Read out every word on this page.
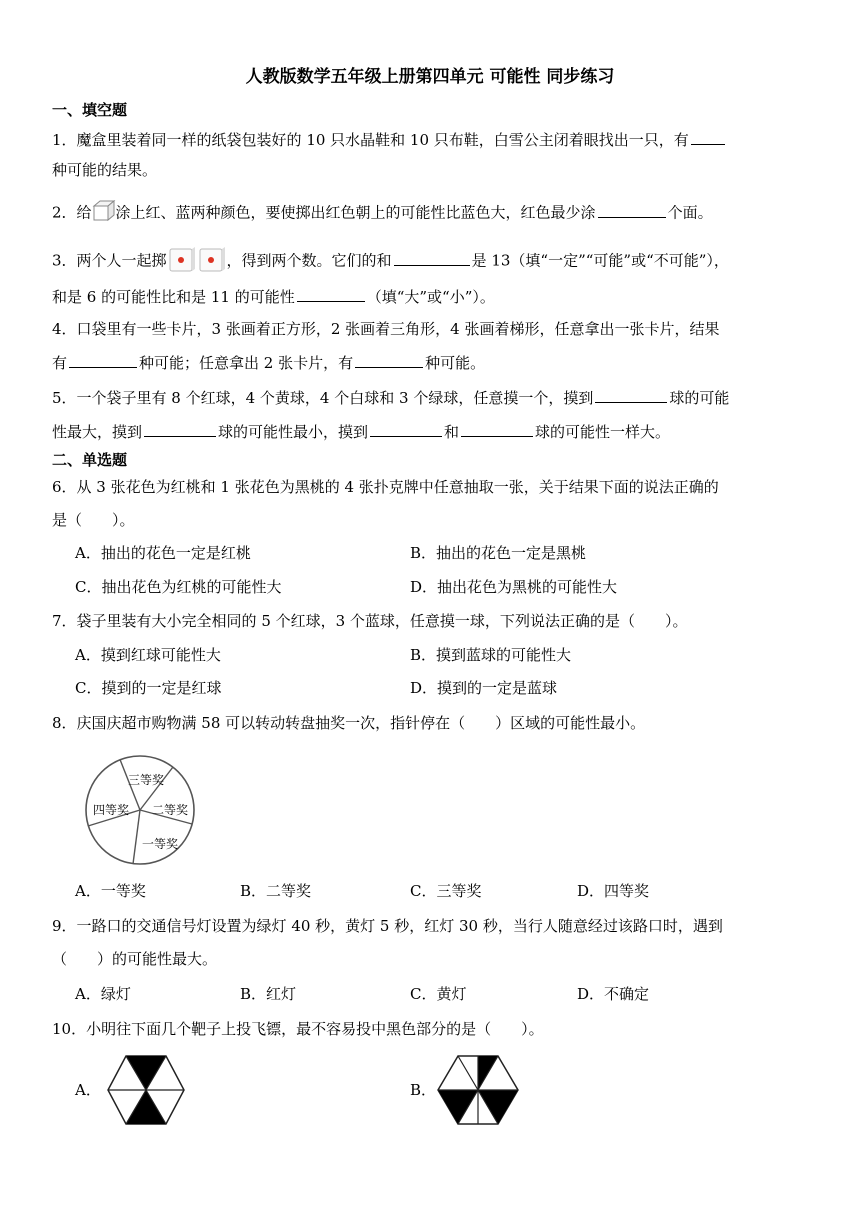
人教版数学五年级上册第四单元 可能性 同步练习
一、填空题
1．魔盒里装着同一样的纸袋包装好的 10 只水晶鞋和 10 只布鞋，白雪公主闭着眼找出一只，有
种可能的结果。
2．给 涂上红、蓝两种颜色，要使掷出红色朝上的可能性比蓝色大，红色最少涂	个面。
3．两个人一起掷	，得到两个数。它们的和	是 13（填“一定”“可能”或“不可能”），
和是 6 的可能性比和是 11 的可能性	（填“大”或“小”）。
4．口袋里有一些卡片，3 张画着正方形，2 张画着三角形，4 张画着梯形，任意拿出一张卡片，结果
有	种可能；任意拿出 2 张卡片，有	种可能。
5．一个袋子里有 8 个红球，4 个黄球，4 个白球和 3 个绿球，任意摸一个，摸到	球的可能
性最大，摸到	球的可能性最小，摸到	和	球的可能性一样大。
二、单选题
6．从 3 张花色为红桃和 1 张花色为黑桃的 4 张扑克牌中任意抽取一张，关于结果下面的说法正确的
是（　　）。
A．抽出的花色一定是红桃	B．抽出的花色一定是黑桃
C．抽出花色为红桃的可能性大	D．抽出花色为黑桃的可能性大
7．袋子里装有大小完全相同的 5 个红球，3 个蓝球，任意摸一球，下列说法正确的是（　　）。
A．摸到红球可能性大	B．摸到蓝球的可能性大
C．摸到的一定是红球	D．摸到的一定是蓝球
8．庆国庆超市购物满 58 可以转动转盘抽奖一次，指针停在（　　）区域的可能性最小。
三等奖
二等奖
一等奖
四等奖
A．一等奖	B．二等奖	C．三等奖	D．四等奖
9．一路口的交通信号灯设置为绿灯 40 秒，黄灯 5 秒，红灯 30 秒，当行人随意经过该路口时，遇到
（　　）的可能性最大。
A．绿灯	B．红灯	C．黄灯	D．不确定
10．小明往下面几个靶子上投飞镖，最不容易投中黑色部分的是（　　）。
A．	B．
